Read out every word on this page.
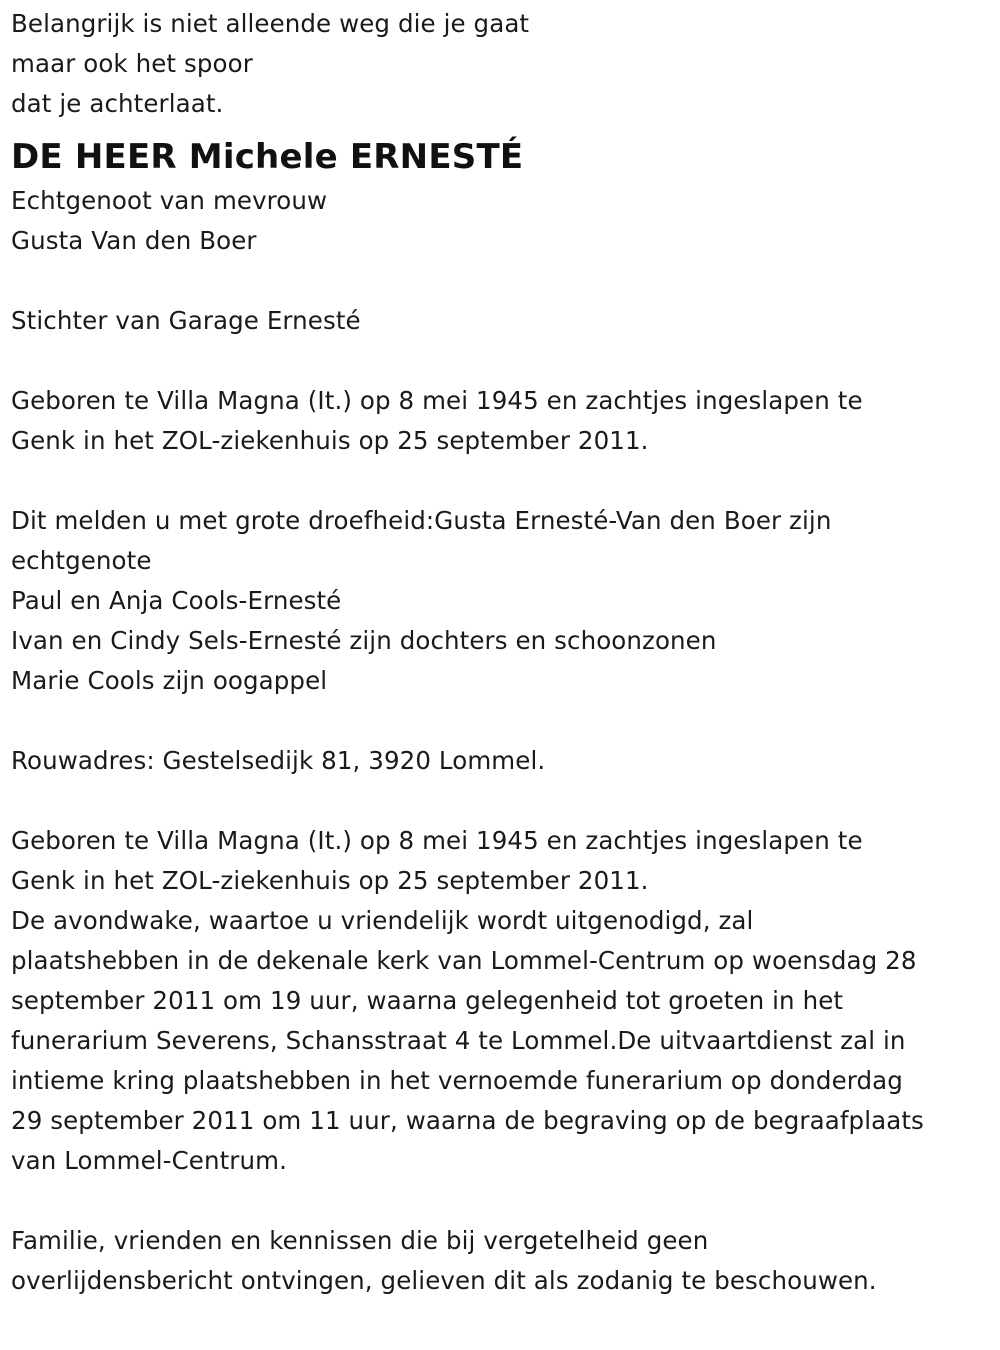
Belangrijk is niet alleende weg die je gaat
maar ook het spoor
dat je achterlaat.
DE HEER Michele ERNESTÉ
Echtgenoot van mevrouw
Gusta Van den Boer
Stichter van Garage Ernesté
Geboren te Villa Magna (It.) op 8 mei 1945 en zachtjes ingeslapen te
Genk in het ZOL-ziekenhuis op 25 september 2011.
Dit melden u met grote droefheid:Gusta Ernesté-Van den Boer zijn
echtgenote
Paul en Anja Cools-Ernesté
Ivan en Cindy Sels-Ernesté zijn dochters en schoonzonen
Marie Cools zijn oogappel
Rouwadres: Gestelsedijk 81, 3920 Lommel.
Geboren te Villa Magna (It.) op 8 mei 1945 en zachtjes ingeslapen te
Genk in het ZOL-ziekenhuis op 25 september 2011.
De avondwake, waartoe u vriendelijk wordt uitgenodigd, zal
plaatshebben in de dekenale kerk van Lommel-Centrum op woensdag 28
september 2011 om 19 uur, waarna gelegenheid tot groeten in het
funerarium Severens, Schansstraat 4 te Lommel.De uitvaartdienst zal in
intieme kring plaatshebben in het vernoemde funerarium op donderdag
29 september 2011 om 11 uur, waarna de begraving op de begraafplaats
van Lommel-Centrum.
Familie, vrienden en kennissen die bij vergetelheid geen
overlijdensbericht ontvingen, gelieven dit als zodanig te beschouwen.
